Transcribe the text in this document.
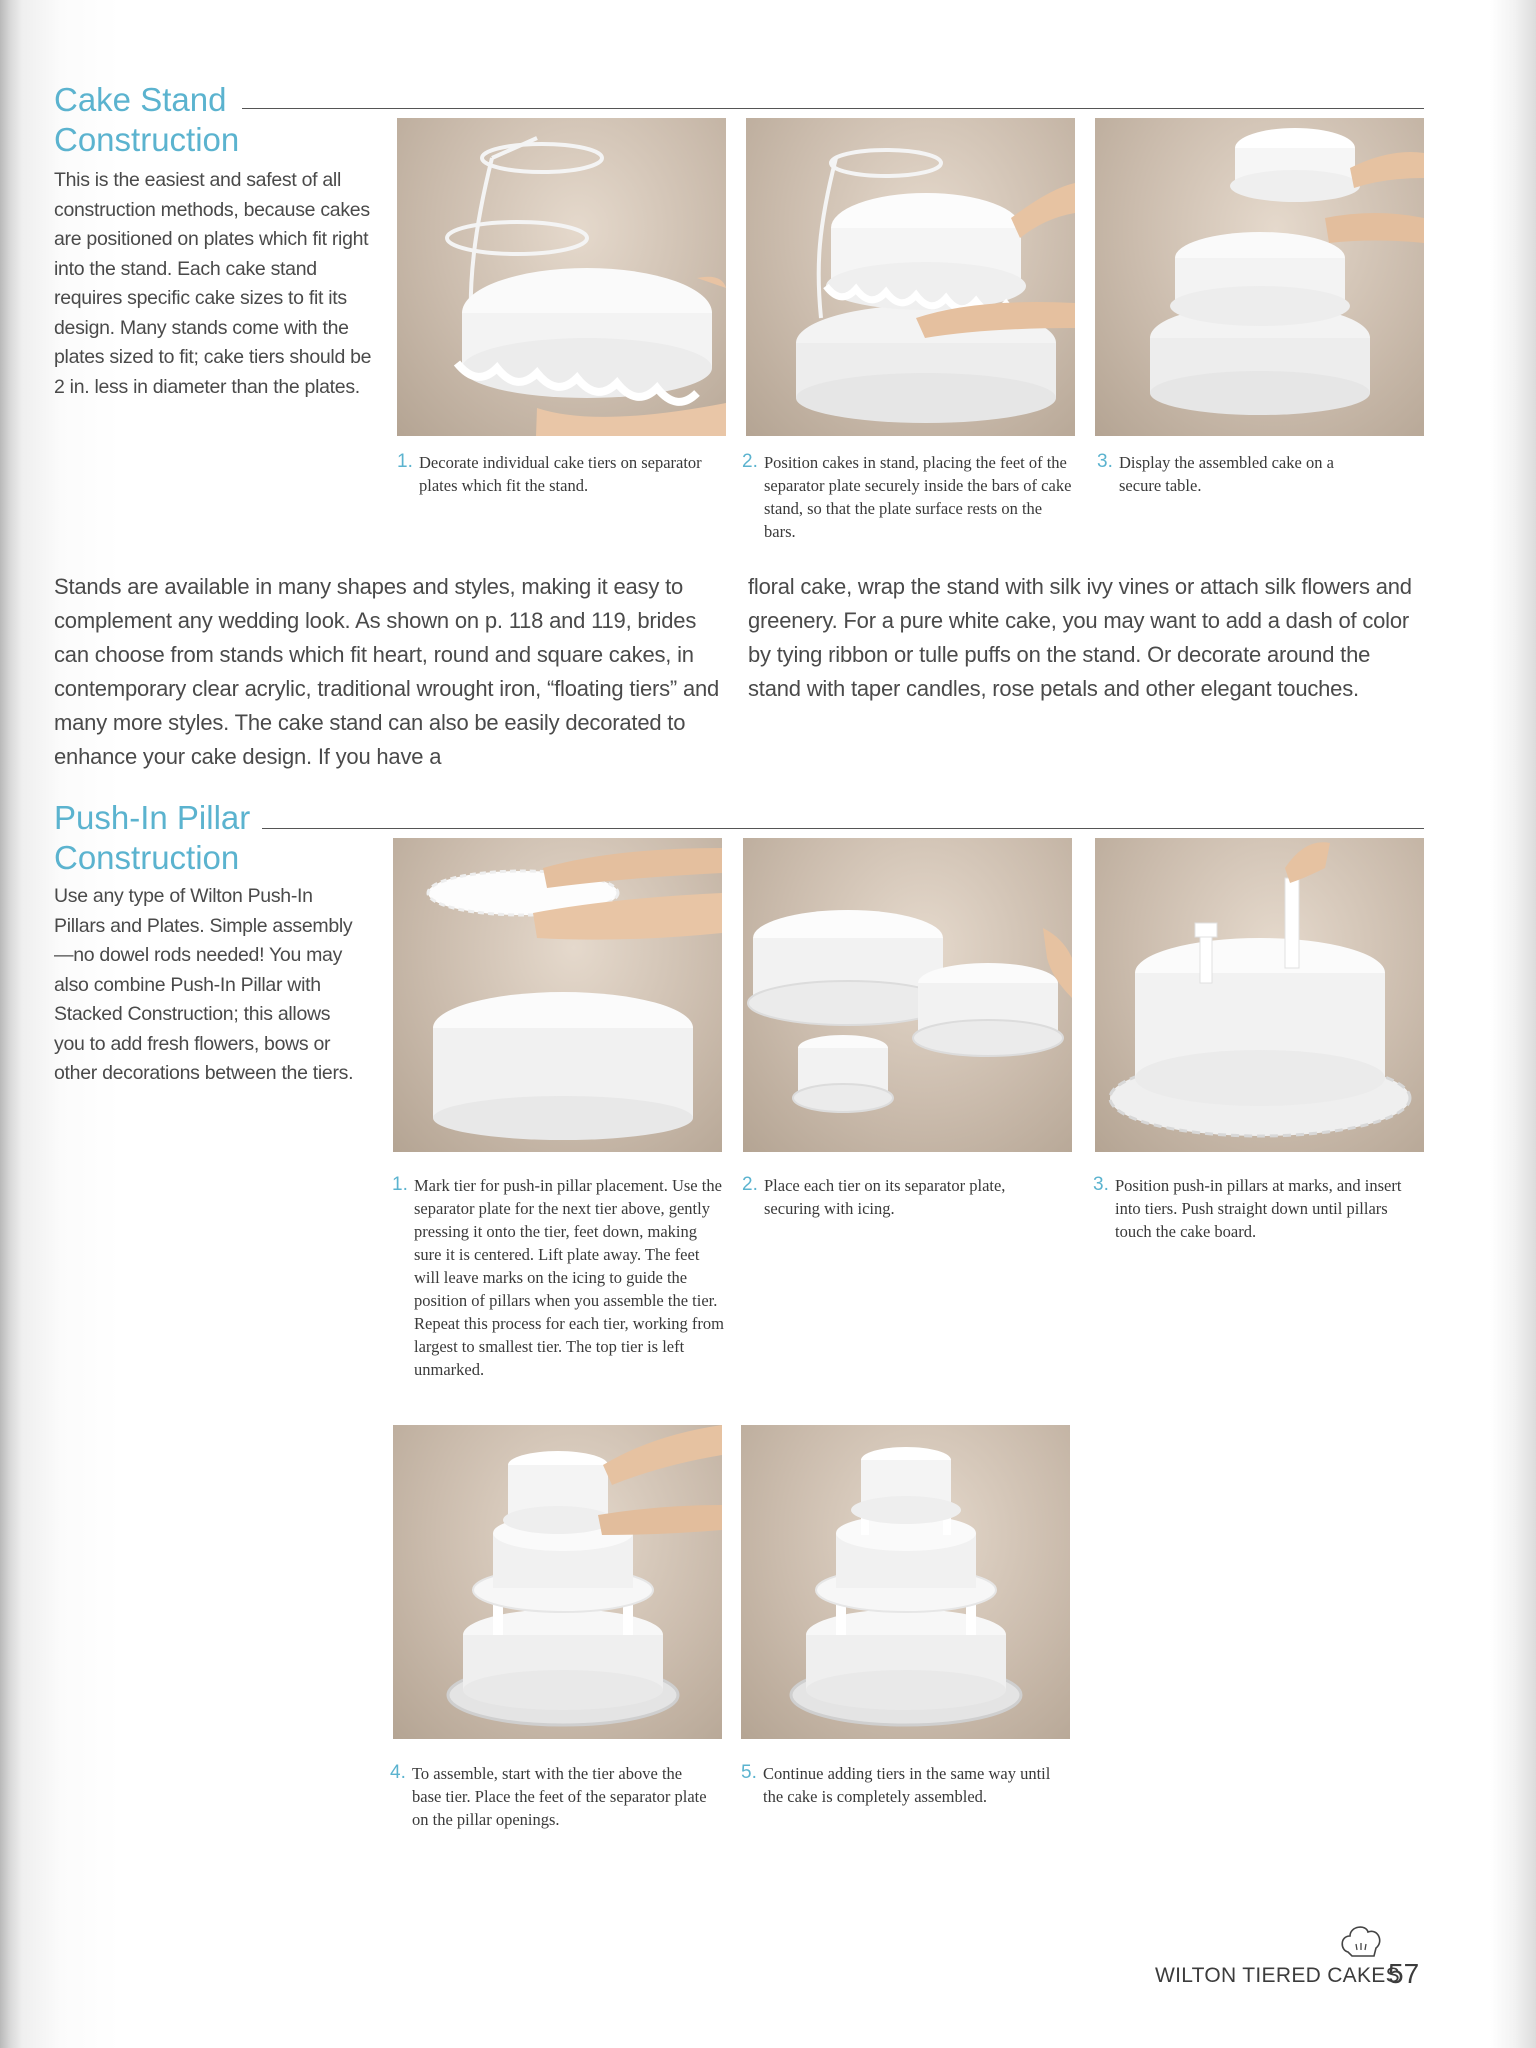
Cake Stand
Construction

This is the easiest and safest of all construction methods, because cakes are positioned on plates which fit right into the stand. Each cake stand requires specific cake sizes to fit its design. Many stands come with the plates sized to fit; cake tiers should be 2 in. less in diameter than the plates.

1. Decorate individual cake tiers on separator plates which fit the stand.
2. Position cakes in stand, placing the feet of the separator plate securely inside the bars of cake stand, so that the plate surface rests on the bars.
3. Display the assembled cake on a secure table.

Stands are available in many shapes and styles, making it easy to complement any wedding look. As shown on p. 118 and 119, brides can choose from stands which fit heart, round and square cakes, in contemporary clear acrylic, traditional wrought iron, “floating tiers” and many more styles. The cake stand can also be easily decorated to enhance your cake design. If you have a

floral cake, wrap the stand with silk ivy vines or attach silk flowers and greenery. For a pure white cake, you may want to add a dash of color by tying ribbon or tulle puffs on the stand. Or decorate around the stand with taper candles, rose petals and other elegant touches.

Push-In Pillar
Construction

Use any type of Wilton Push-In Pillars and Plates. Simple assembly—no dowel rods needed! You may also combine Push-In Pillar with Stacked Construction; this allows you to add fresh flowers, bows or other decorations between the tiers.

1. Mark tier for push-in pillar placement. Use the separator plate for the next tier above, gently pressing it onto the tier, feet down, making sure it is centered. Lift plate away. The feet will leave marks on the icing to guide the position of pillars when you assemble the tier. Repeat this process for each tier, working from largest to smallest tier. The top tier is left unmarked.
2. Place each tier on its separator plate, securing with icing.
3. Position push-in pillars at marks, and insert into tiers. Push straight down until pillars touch the cake board.
4. To assemble, start with the tier above the base tier. Place the feet of the separator plate on the pillar openings.
5. Continue adding tiers in the same way until the cake is completely assembled.
WILTON TIERED CAKES
57
